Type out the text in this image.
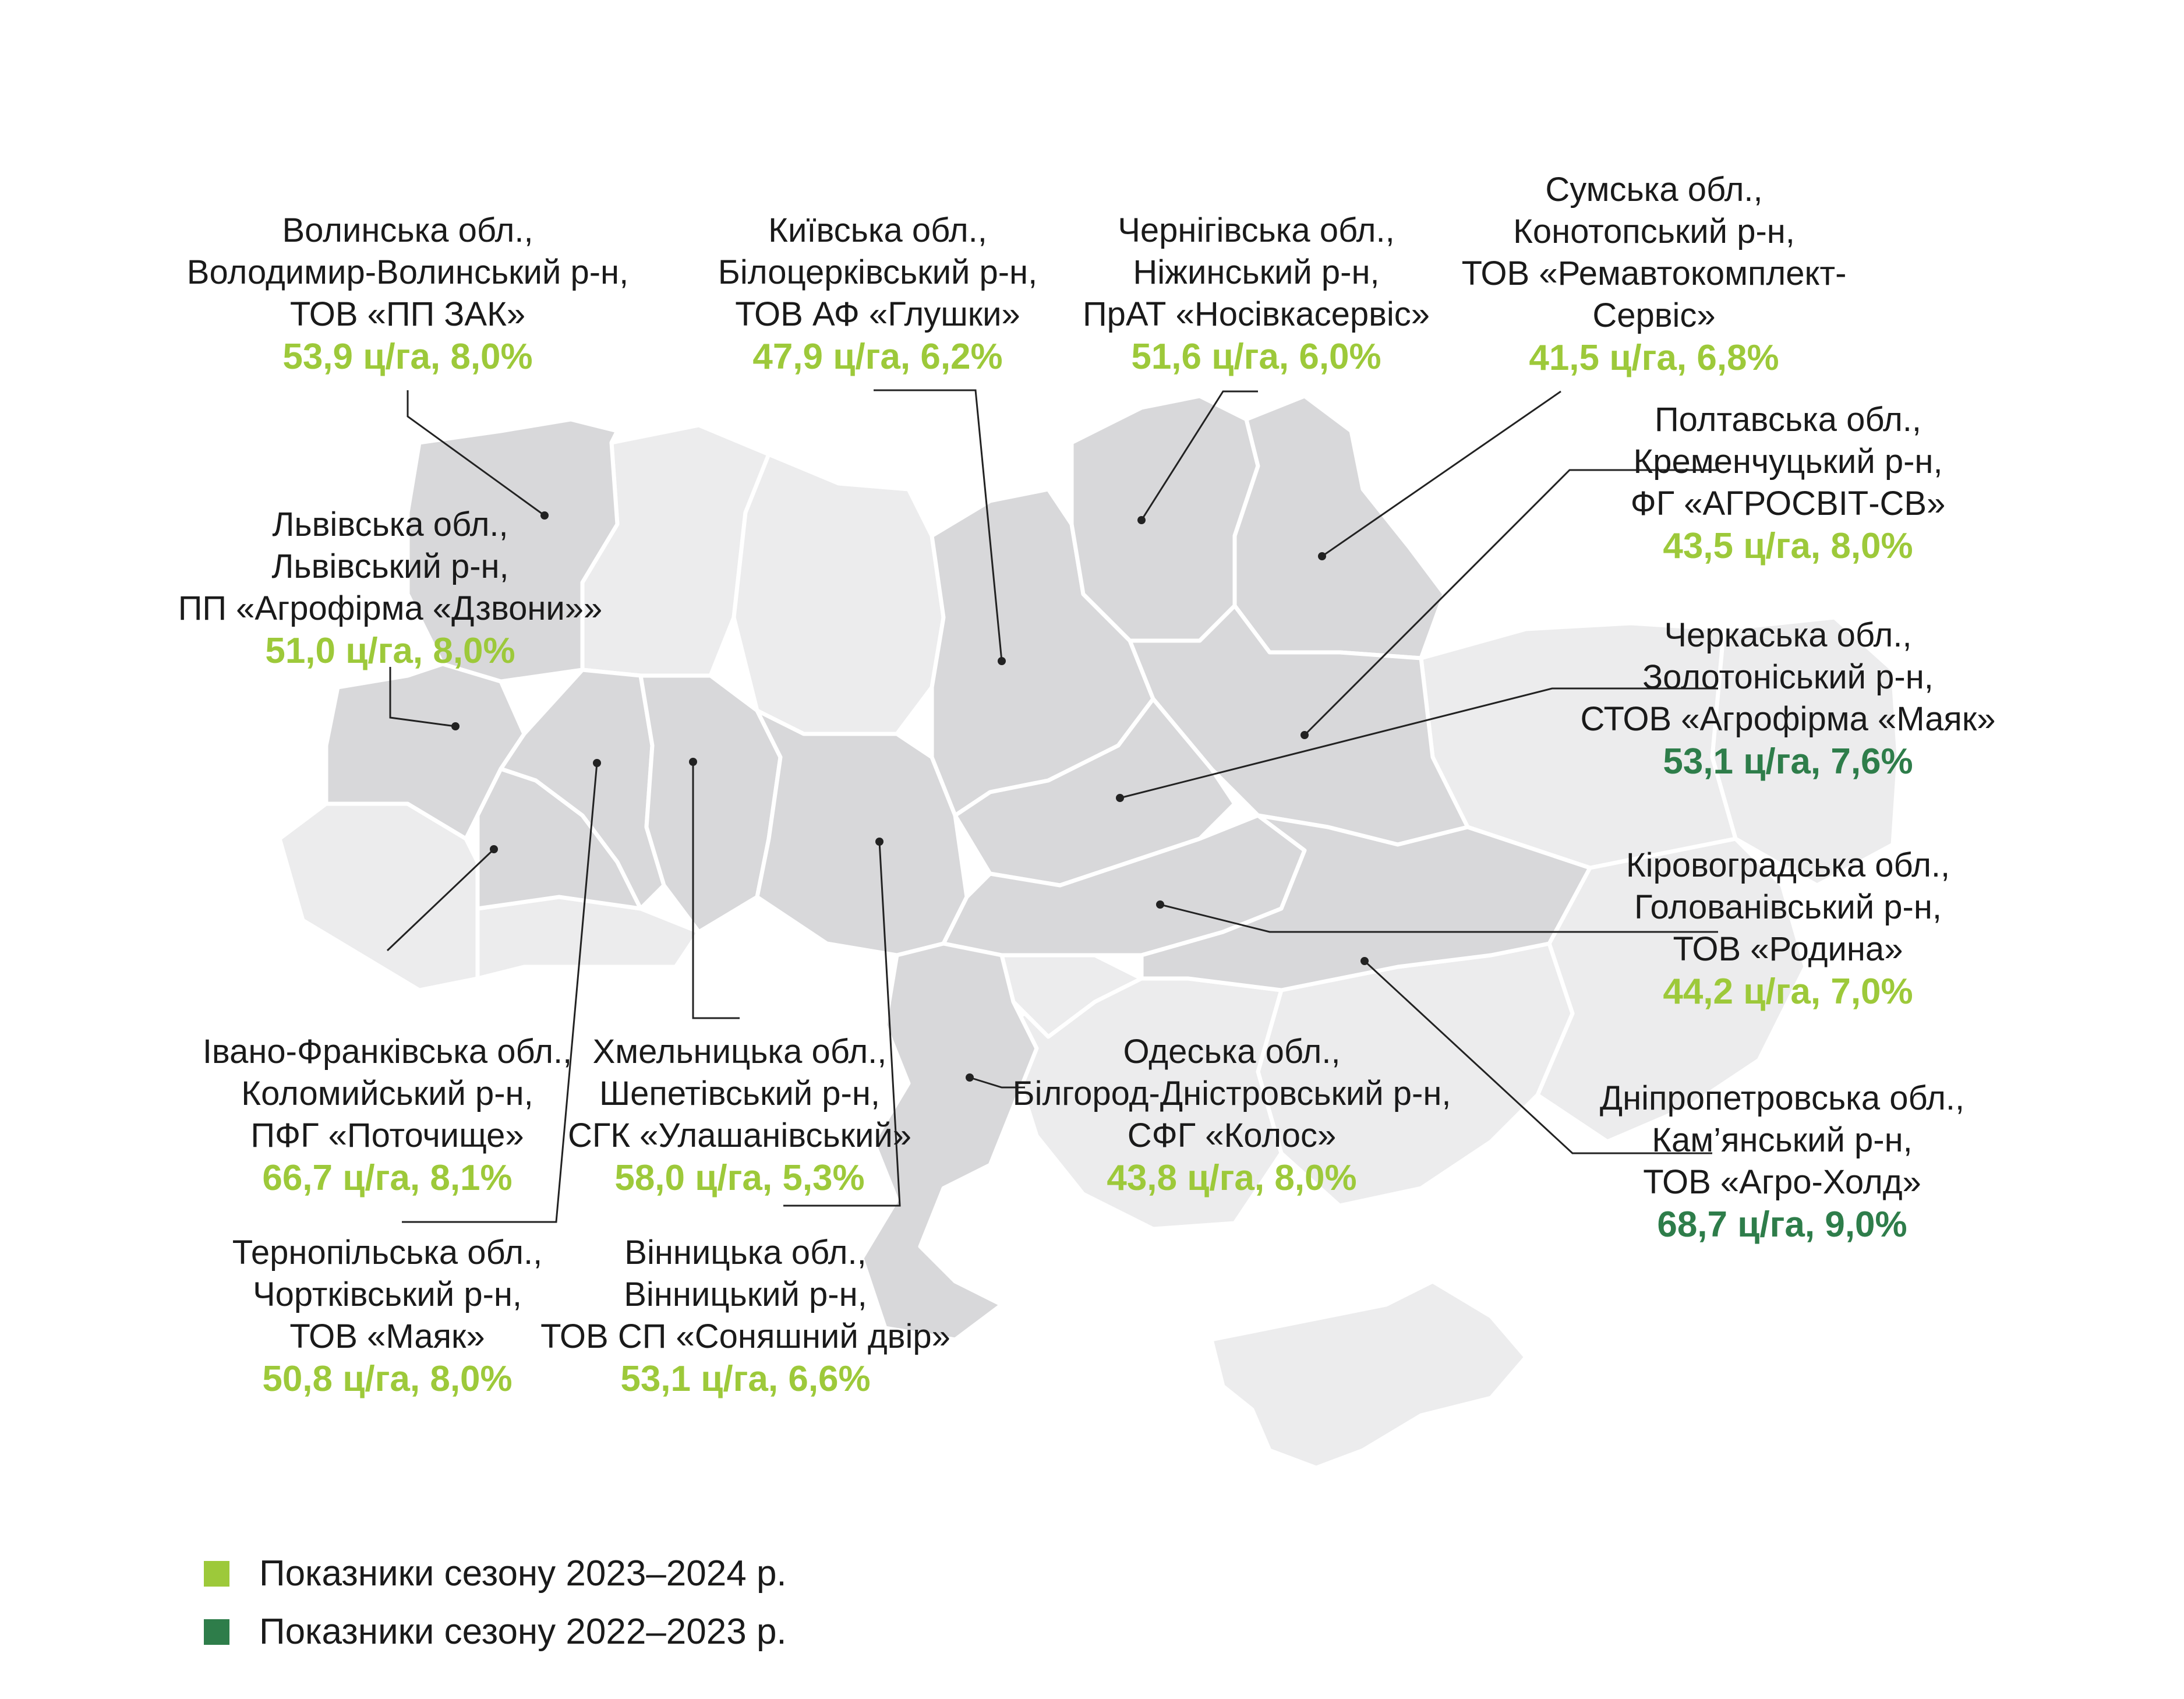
Волинська обл.,
Володимир-Волинський р-н,
ТОВ «ПП ЗАК»
53,9 ц/га, 8,0%
Львівська обл.,
Львівський р-н,
ПП «Агрофірма «Дзвони»»
51,0 ц/га, 8,0%
Київська обл.,
Білоцерківський р-н,
ТОВ АФ «Глушки»
47,9 ц/га, 6,2%
Чернігівська обл.,
Ніжинський р-н,
ПрАТ «Носівкасервіс»
51,6 ц/га, 6,0%
Сумська обл.,
Конотопський р-н,
ТОВ «Ремавтокомплект-
Сервіс»
41,5 ц/га, 6,8%
Полтавська обл.,
Кременчуцький р-н,
ФГ «АГРОСВІТ-СВ»
43,5 ц/га, 8,0%
Черкаська обл.,
Золотоніський р-н,
СТОВ «Агрофірма «Маяк»
53,1 ц/га, 7,6%
Кіровоградська обл.,
Голованівський р-н,
ТОВ «Родина»
44,2 ц/га, 7,0%
Дніпропетровська обл.,
Кам’янський р-н,
ТОВ «Агро-Холд»
68,7 ц/га, 9,0%
Одеська обл.,
Білгород-Дністровський р-н,
СФГ «Колос»
43,8 ц/га, 8,0%
Івано-Франківська обл.,
Коломийський р-н,
ПФГ «Поточище»
66,7 ц/га, 8,1%
Хмельницька обл.,
Шепетівський р-н,
СГК «Улашанівський»
58,0 ц/га, 5,3%
Тернопільська обл.,
Чортківський р-н,
ТОВ «Маяк»
50,8 ц/га, 8,0%
Вінницька обл.,
Вінницький р-н,
ТОВ СП «Соняшний двір»
53,1 ц/га, 6,6%
Показники сезону 2023–2024 р.
Показники сезону 2022–2023 р.
